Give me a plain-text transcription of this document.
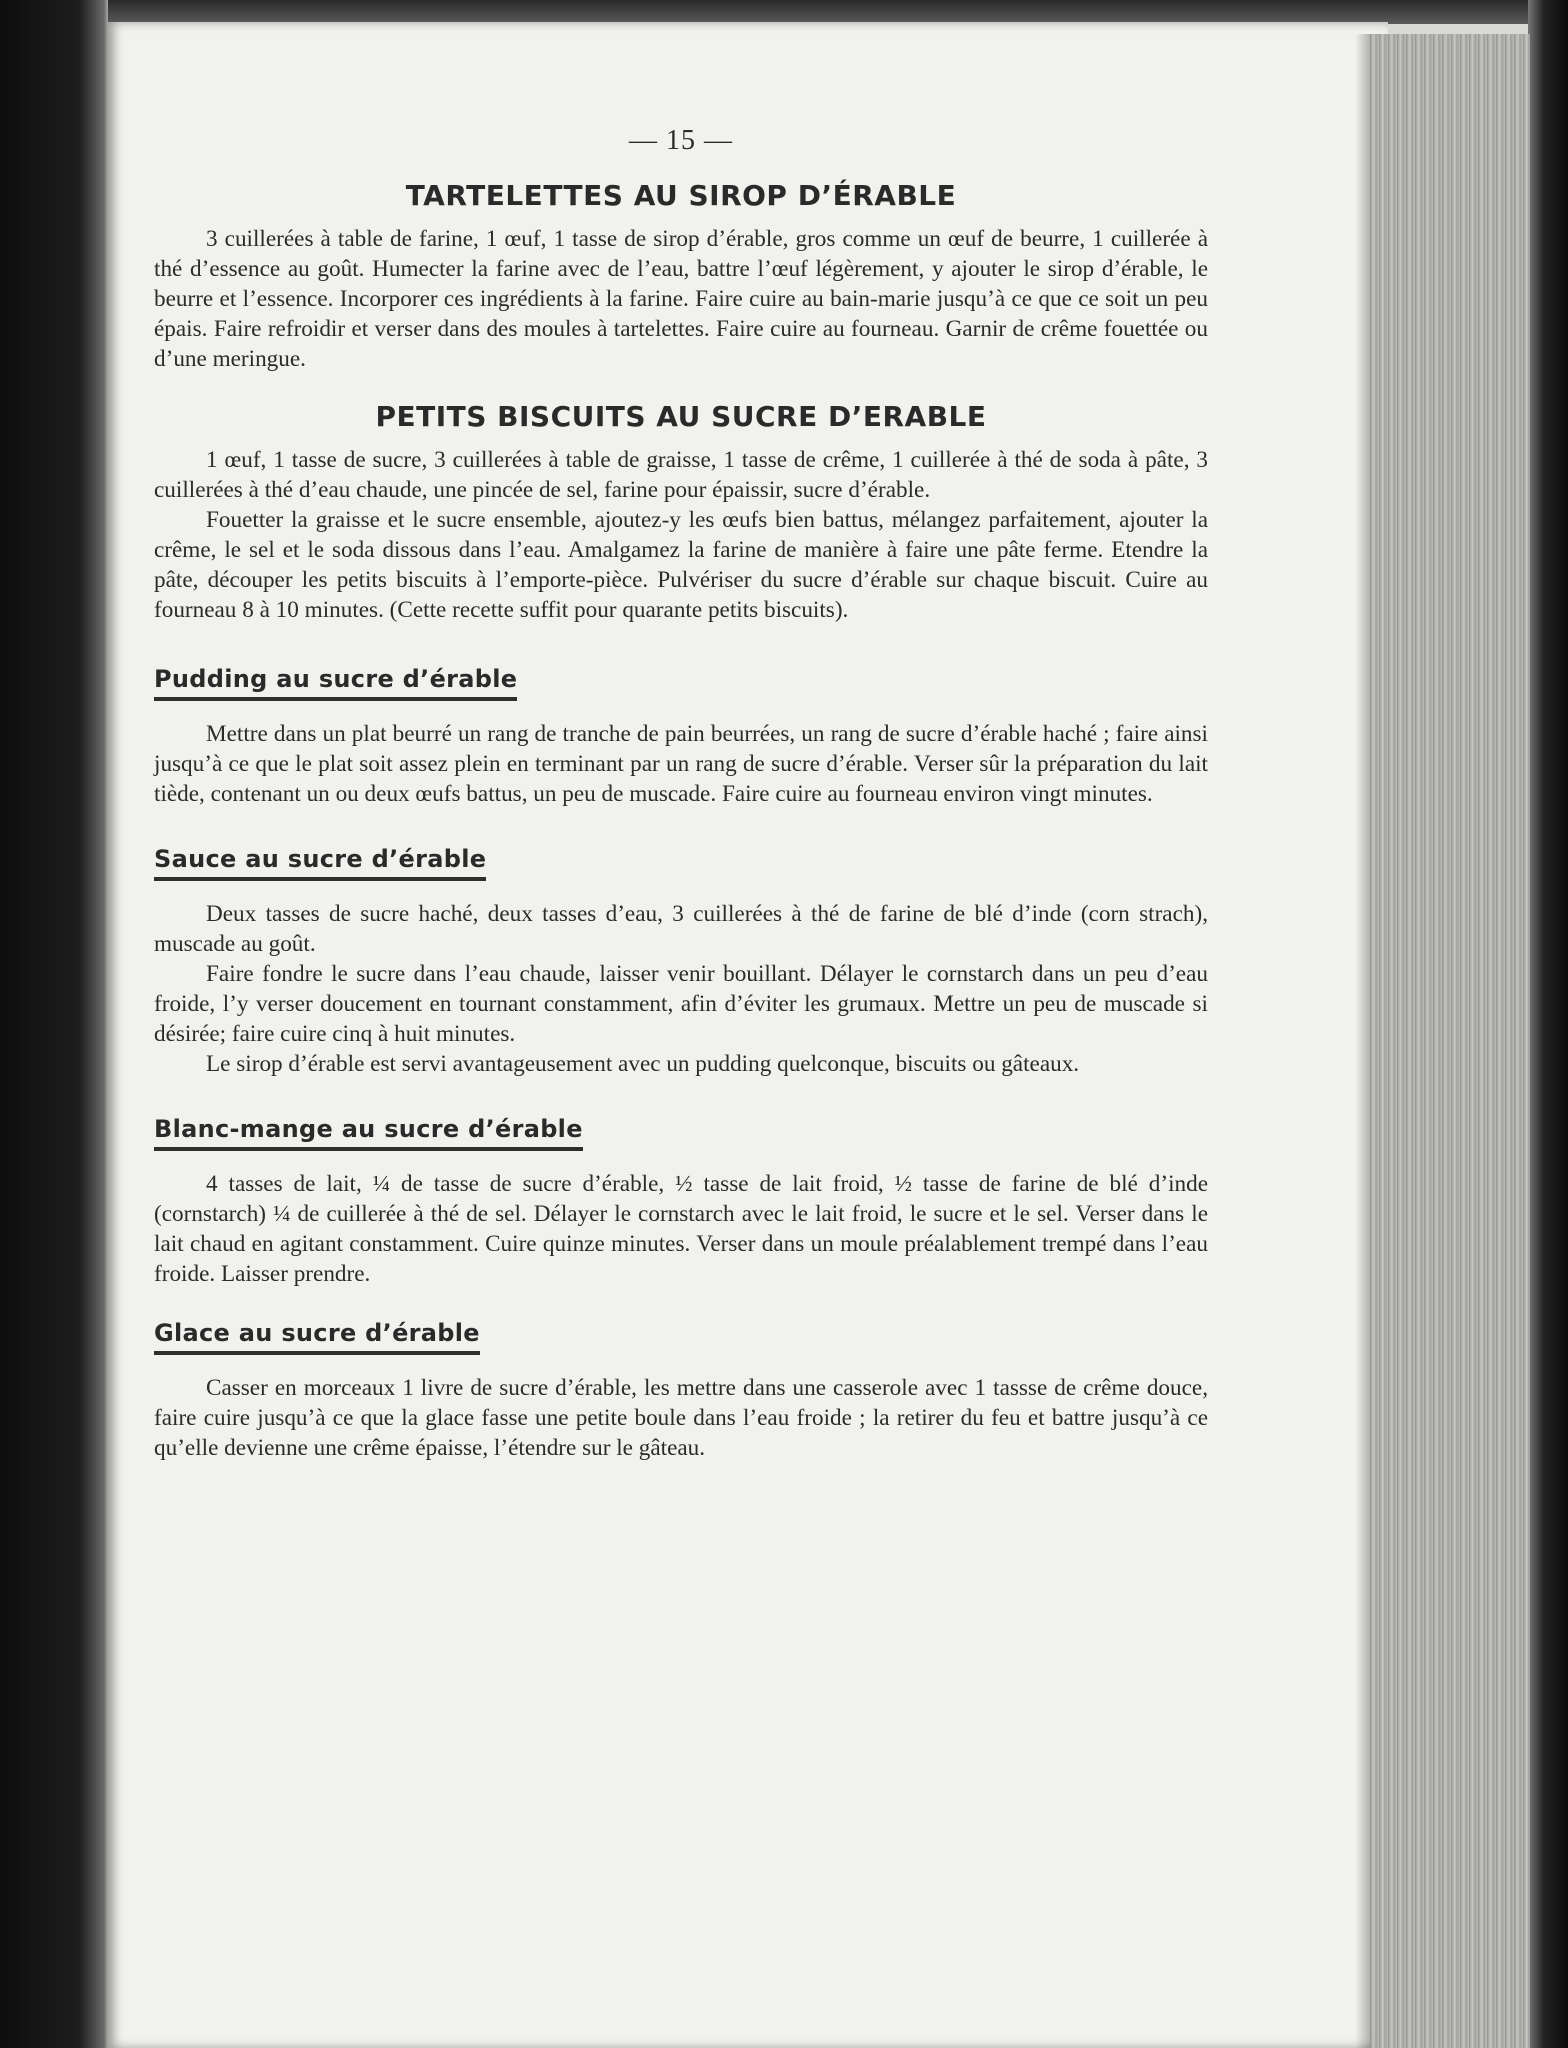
— 15 —
TARTELETTES AU SIROP D’ÉRABLE

3 cuillerées à table de farine, 1 œuf, 1 tasse de sirop d’érable, gros comme un œuf de beurre, 1 cuillerée à thé d’essence au goût. Humecter la farine avec de l’eau, battre l’œuf légèrement, y ajouter le sirop d’érable, le beurre et l’essence. Incorporer ces ingrédients à la farine. Faire cuire au bain-marie jusqu’à ce que ce soit un peu épais. Faire refroidir et verser dans des moules à tartelettes. Faire cuire au fourneau. Garnir de crême fouettée ou d’une meringue.

PETITS BISCUITS AU SUCRE D’ERABLE

1 œuf, 1 tasse de sucre, 3 cuillerées à table de graisse, 1 tasse de crême, 1 cuillerée à thé de soda à pâte, 3 cuillerées à thé d’eau chaude, une pincée de sel, farine pour épaissir, sucre d’érable.

Fouetter la graisse et le sucre ensemble, ajoutez-y les œufs bien battus, mélangez parfaitement, ajouter la crême, le sel et le soda dissous dans l’eau. Amalgamez la farine de manière à faire une pâte ferme. Etendre la pâte, découper les petits biscuits à l’emporte-pièce. Pulvériser du sucre d’érable sur chaque biscuit. Cuire au fourneau 8 à 10 minutes. (Cette recette suffit pour quarante petits biscuits).

Pudding au sucre d’érable

Mettre dans un plat beurré un rang de tranche de pain beurrées, un rang de sucre d’érable haché ; faire ainsi jusqu’à ce que le plat soit assez plein en terminant par un rang de sucre d’érable. Verser sûr la préparation du lait tiède, contenant un ou deux œufs battus, un peu de muscade. Faire cuire au fourneau environ vingt minutes.

Sauce au sucre d’érable

Deux tasses de sucre haché, deux tasses d’eau, 3 cuillerées à thé de farine de blé d’inde (corn strach), muscade au goût.

Faire fondre le sucre dans l’eau chaude, laisser venir bouillant. Délayer le cornstarch dans un peu d’eau froide, l’y verser doucement en tournant constamment, afin d’éviter les grumaux. Mettre un peu de muscade si désirée; faire cuire cinq à huit minutes.

Le sirop d’érable est servi avantageusement avec un pudding quelconque, biscuits ou gâteaux.

Blanc-mange au sucre d’érable

4 tasses de lait, ¼ de tasse de sucre d’érable, ½ tasse de lait froid, ½ tasse de farine de blé d’inde (cornstarch) ¼ de cuillerée à thé de sel. Délayer le cornstarch avec le lait froid, le sucre et le sel. Verser dans le lait chaud en agitant constamment. Cuire quinze minutes. Verser dans un moule préalablement trempé dans l’eau froide. Laisser prendre.

Glace au sucre d’érable

Casser en morceaux 1 livre de sucre d’érable, les mettre dans une casserole avec 1 tassse de crême douce, faire cuire jusqu’à ce que la glace fasse une petite boule dans l’eau froide ; la retirer du feu et battre jusqu’à ce qu’elle devienne une crême épaisse, l’étendre sur le gâteau.
